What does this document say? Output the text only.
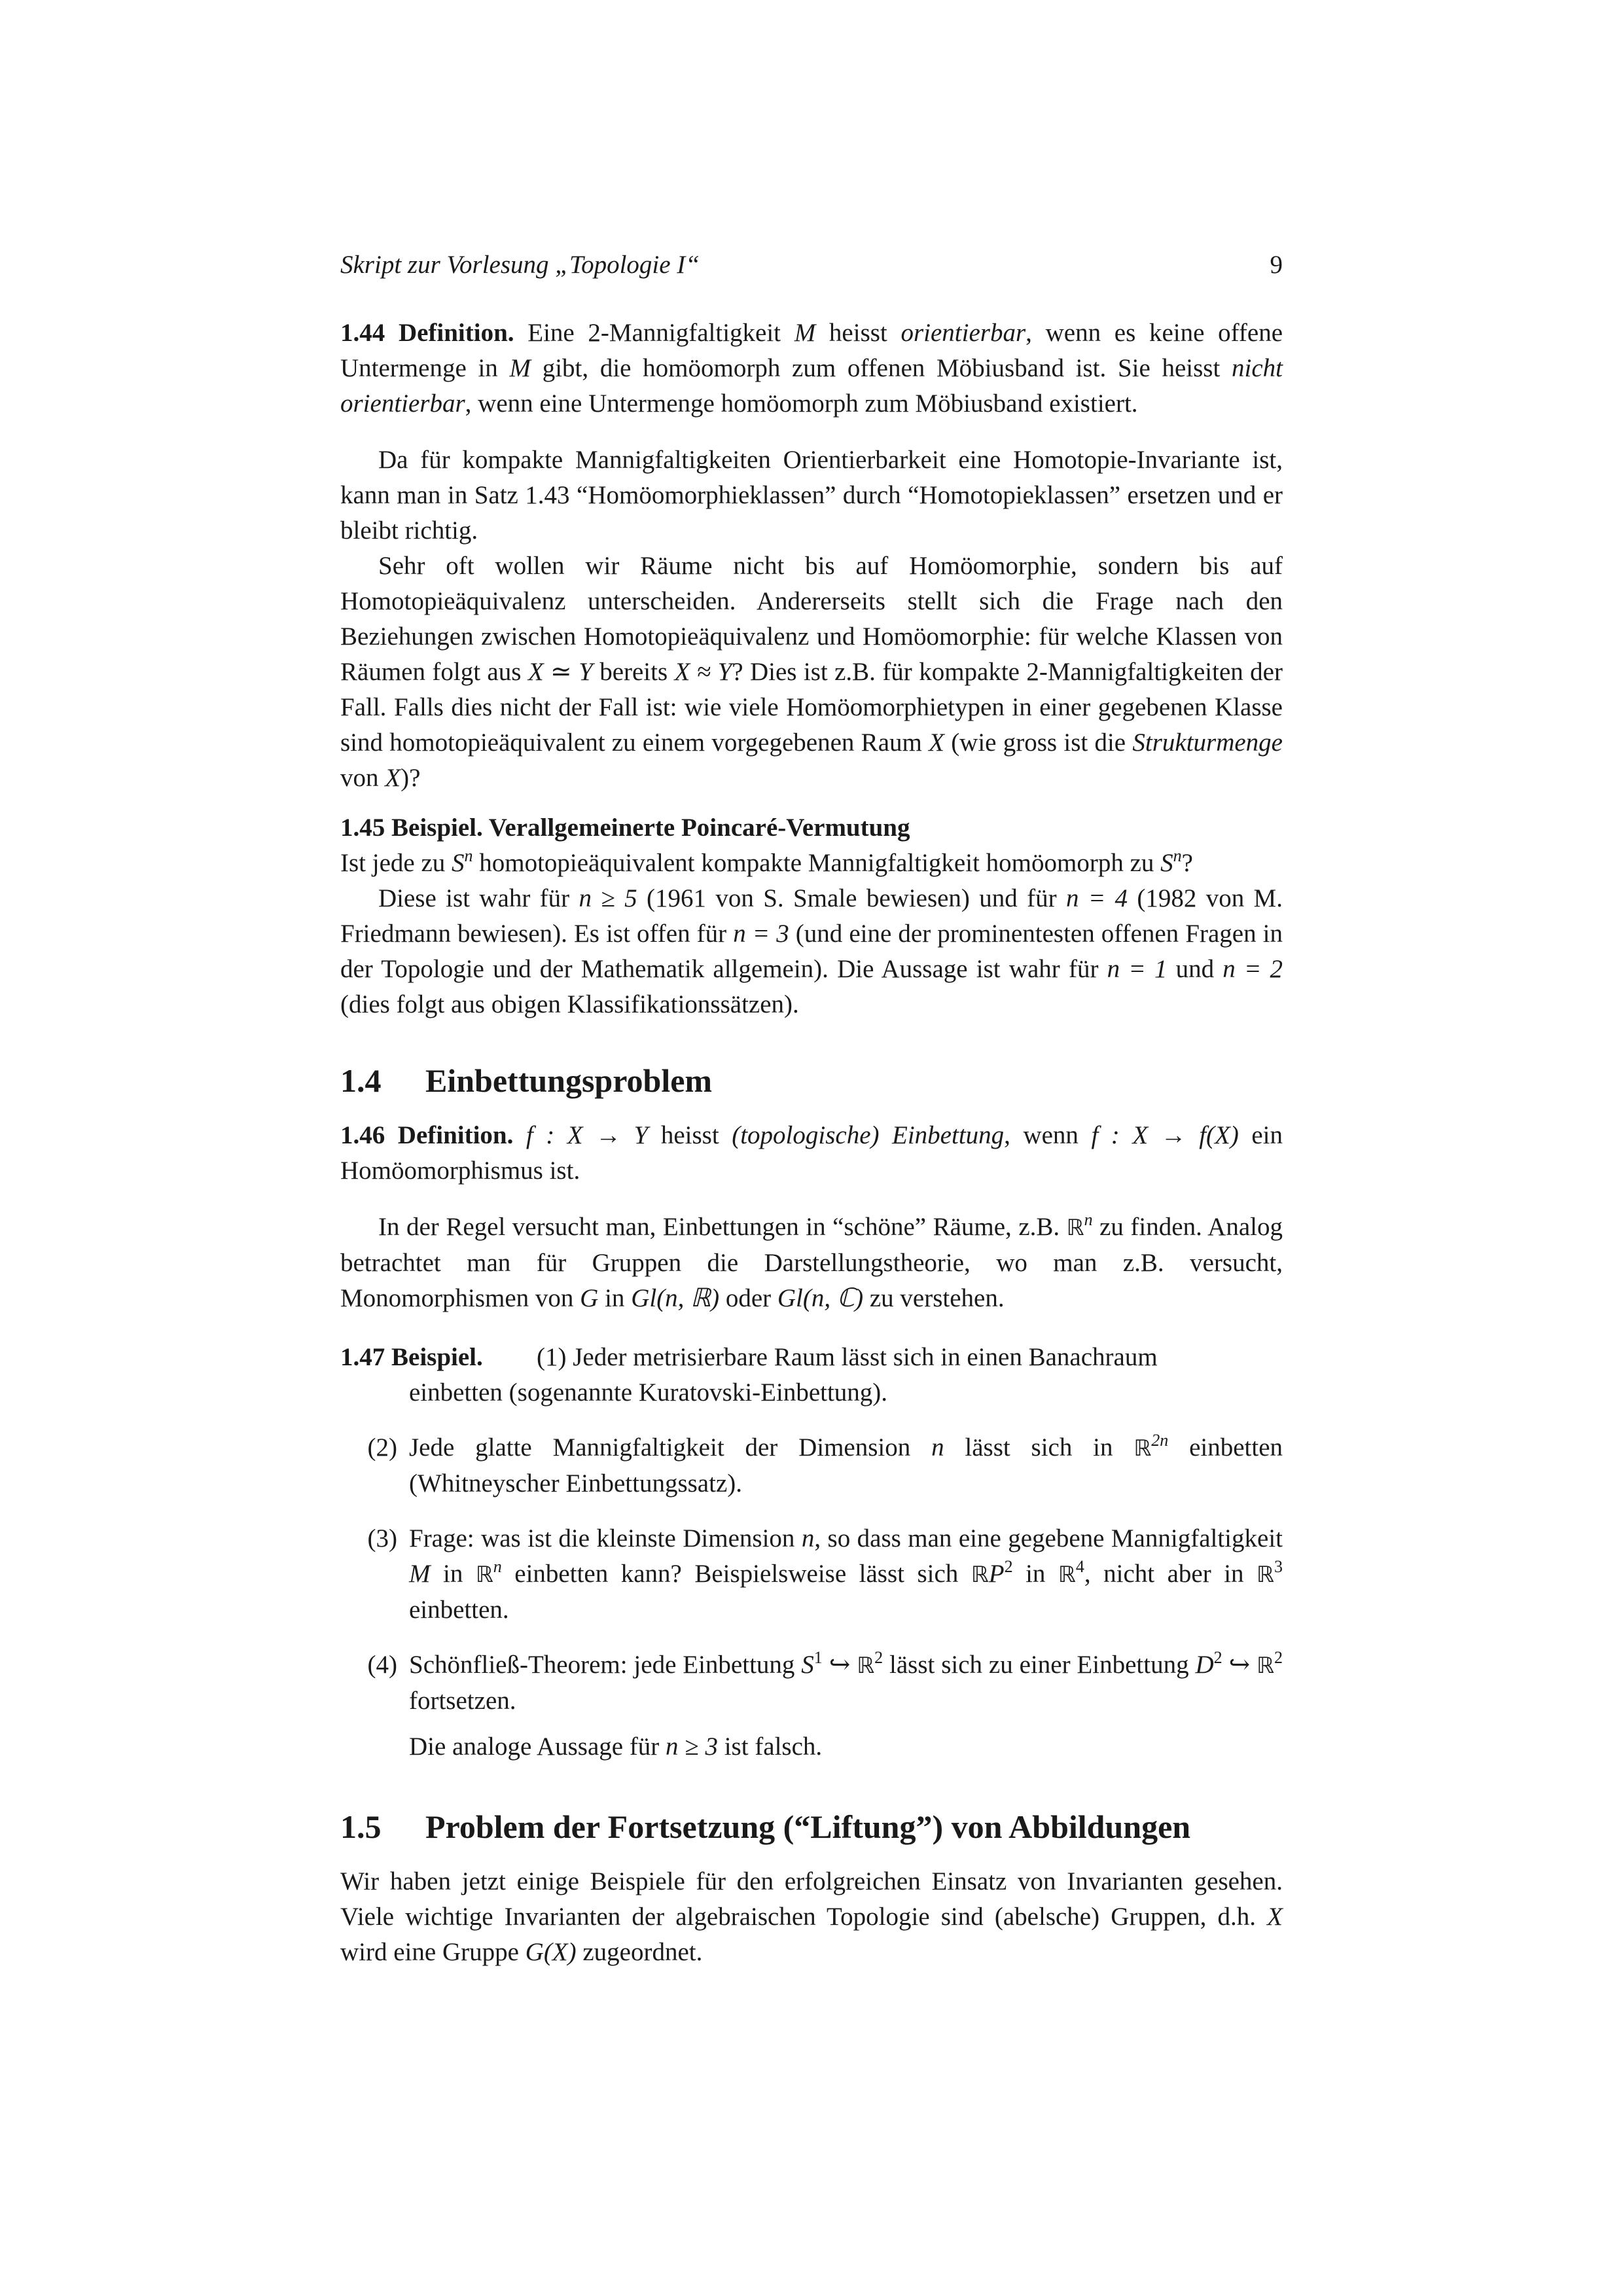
Skript zur Vorlesung „Topologie I“	9

1.44 Definition. Eine 2-Mannigfaltigkeit M heisst orientierbar, wenn es keine offene Untermenge in M gibt, die homöomorph zum offenen Möbiusband ist. Sie heisst nicht orientierbar, wenn eine Untermenge homöomorph zum Möbiusband existiert.

Da für kompakte Mannigfaltigkeiten Orientierbarkeit eine Homotopie-Invariante ist, kann man in Satz 1.43 “Homöomorphieklassen” durch “Homotopieklassen” ersetzen und er bleibt richtig.

Sehr oft wollen wir Räume nicht bis auf Homöomorphie, sondern bis auf Homotopieäquivalenz unterscheiden. Andererseits stellt sich die Frage nach den Beziehungen zwischen Homotopieäquivalenz und Homöomorphie: für welche Klassen von Räumen folgt aus X ≃ Y bereits X ≈ Y? Dies ist z.B. für kompakte 2-Mannigfaltigkeiten der Fall. Falls dies nicht der Fall ist: wie viele Homöomorphietypen in einer gegebenen Klasse sind homotopieäquivalent zu einem vorgegebenen Raum X (wie gross ist die Strukturmenge von X)?

1.45 Beispiel. Verallgemeinerte Poincaré-Vermutung

Ist jede zu $S^n$ homotopieäquivalent kompakte Mannigfaltigkeit homöomorph zu $S^n$?

Diese ist wahr für n ≥ 5 (1961 von S. Smale bewiesen) und für n = 4 (1982 von M. Friedmann bewiesen). Es ist offen für n = 3 (und eine der prominentesten offenen Fragen in der Topologie und der Mathematik allgemein). Die Aussage ist wahr für n = 1 und n = 2 (dies folgt aus obigen Klassifikationssätzen).

1.4	Einbettungsproblem

1.46 Definition. f : X → Y heisst (topologische) Einbettung, wenn f : X → f(X) ein Homöomorphismus ist.

In der Regel versucht man, Einbettungen in “schöne” Räume, z.B. ℝ$^n$ zu finden. Analog betrachtet man für Gruppen die Darstellungstheorie, wo man z.B. versucht, Monomorphismen von G in Gl(n, ℝ) oder Gl(n, ℂ) zu verstehen.

1.47 Beispiel.	(1) Jeder metrisierbare Raum lässt sich in einen Banachraum

einbetten (sogenannte Kuratovski-Einbettung).

(2) Jede glatte Mannigfaltigkeit der Dimension n lässt sich in ℝ$^{2n}$ einbetten (Whitneyscher Einbettungssatz).
(3) Frage: was ist die kleinste Dimension n, so dass man eine gegebene Mannigfaltigkeit M in ℝ$^n$ einbetten kann? Beispielsweise lässt sich ℝP$^2$ in ℝ$^4$, nicht aber in ℝ$^3$ einbetten.
(4) Schönfließ-Theorem: jede Einbettung $S^1$ ↪ ℝ$^2$ lässt sich zu einer Einbettung $D^2$ ↪ ℝ$^2$ fortsetzen.

Die analoge Aussage für n ≥ 3 ist falsch.

1.5	Problem der Fortsetzung (“Liftung”) von Abbildungen

Wir haben jetzt einige Beispiele für den erfolgreichen Einsatz von Invarianten gesehen. Viele wichtige Invarianten der algebraischen Topologie sind (abelsche) Gruppen, d.h. X wird eine Gruppe G(X) zugeordnet.
